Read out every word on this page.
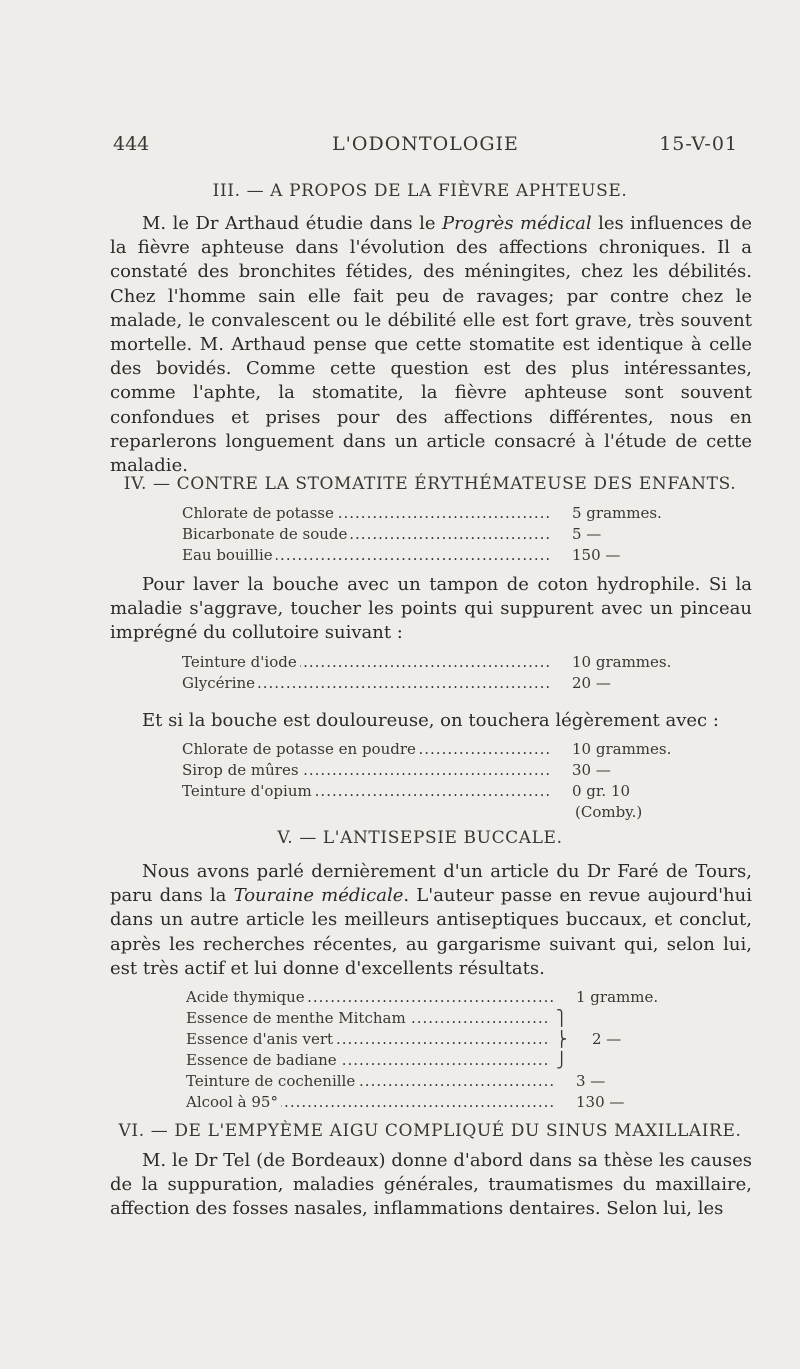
444	L'ODONTOLOGIE	15-V-01
III. — A PROPOS DE LA FIÈVRE APHTEUSE.

M. le Dr Arthaud étudie dans le Progrès médical les influences de la fièvre aphteuse dans l'évolution des affections chroniques. Il a constaté des bronchites fétides, des méningites, chez les débilités. Chez l'homme sain elle fait peu de ravages; par contre chez le malade, le convalescent ou le débilité elle est fort grave, très souvent mortelle. M. Arthaud pense que cette stomatite est identique à celle des bovidés. Comme cette question est des plus intéressantes, comme l'aphte, la stomatite, la fièvre aphteuse sont souvent confondues et prises pour des affections différentes, nous en reparlerons longuement dans un article consacré à l'étude de cette maladie.

IV. — CONTRE LA STOMATITE ÉRYTHÉMATEUSE DES ENFANTS.
Chlorate de potasse .....	5 grammes.
Bicarbonate de soude .....	5 —
Eau bouillie .....	150 —

Pour laver la bouche avec un tampon de coton hydrophile. Si la maladie s'aggrave, toucher les points qui suppurent avec un pinceau imprégné du collutoire suivant :

Teinture d'iode .....	10 grammes.
Glycérine .....	20 —

Et si la bouche est douloureuse, on touchera légèrement avec :

Chlorate de potasse en poudre .....	10 grammes.
Sirop de mûres .....	30 —
Teinture d'opium .....	0 gr. 10
(Comby.)
V. — L'ANTISEPSIE BUCCALE.

Nous avons parlé dernièrement d'un article du Dr Faré de Tours, paru dans la Touraine médicale. L'auteur passe en revue aujourd'hui dans un autre article les meilleurs antiseptiques buccaux, et conclut, après les recherches récentes, au gargarisme suivant qui, selon lui, est très actif et lui donne d'excellents résultats.

Acide thymique .....	1 gramme.
Essence de menthe Mitcham .....	⎫
Essence d'anis vert .....	⎬ 2 —
Essence de badiane .....	⎭
Teinture de cochenille .....	3 —
Alcool à 95° .....	130 —
VI. — DE L'EMPYÈME AIGU COMPLIQUÉ DU SINUS MAXILLAIRE.

M. le Dr Tel (de Bordeaux) donne d'abord dans sa thèse les causes de la suppuration, maladies générales, traumatismes du maxillaire, affection des fosses nasales, inflammations dentaires. Selon lui, les
